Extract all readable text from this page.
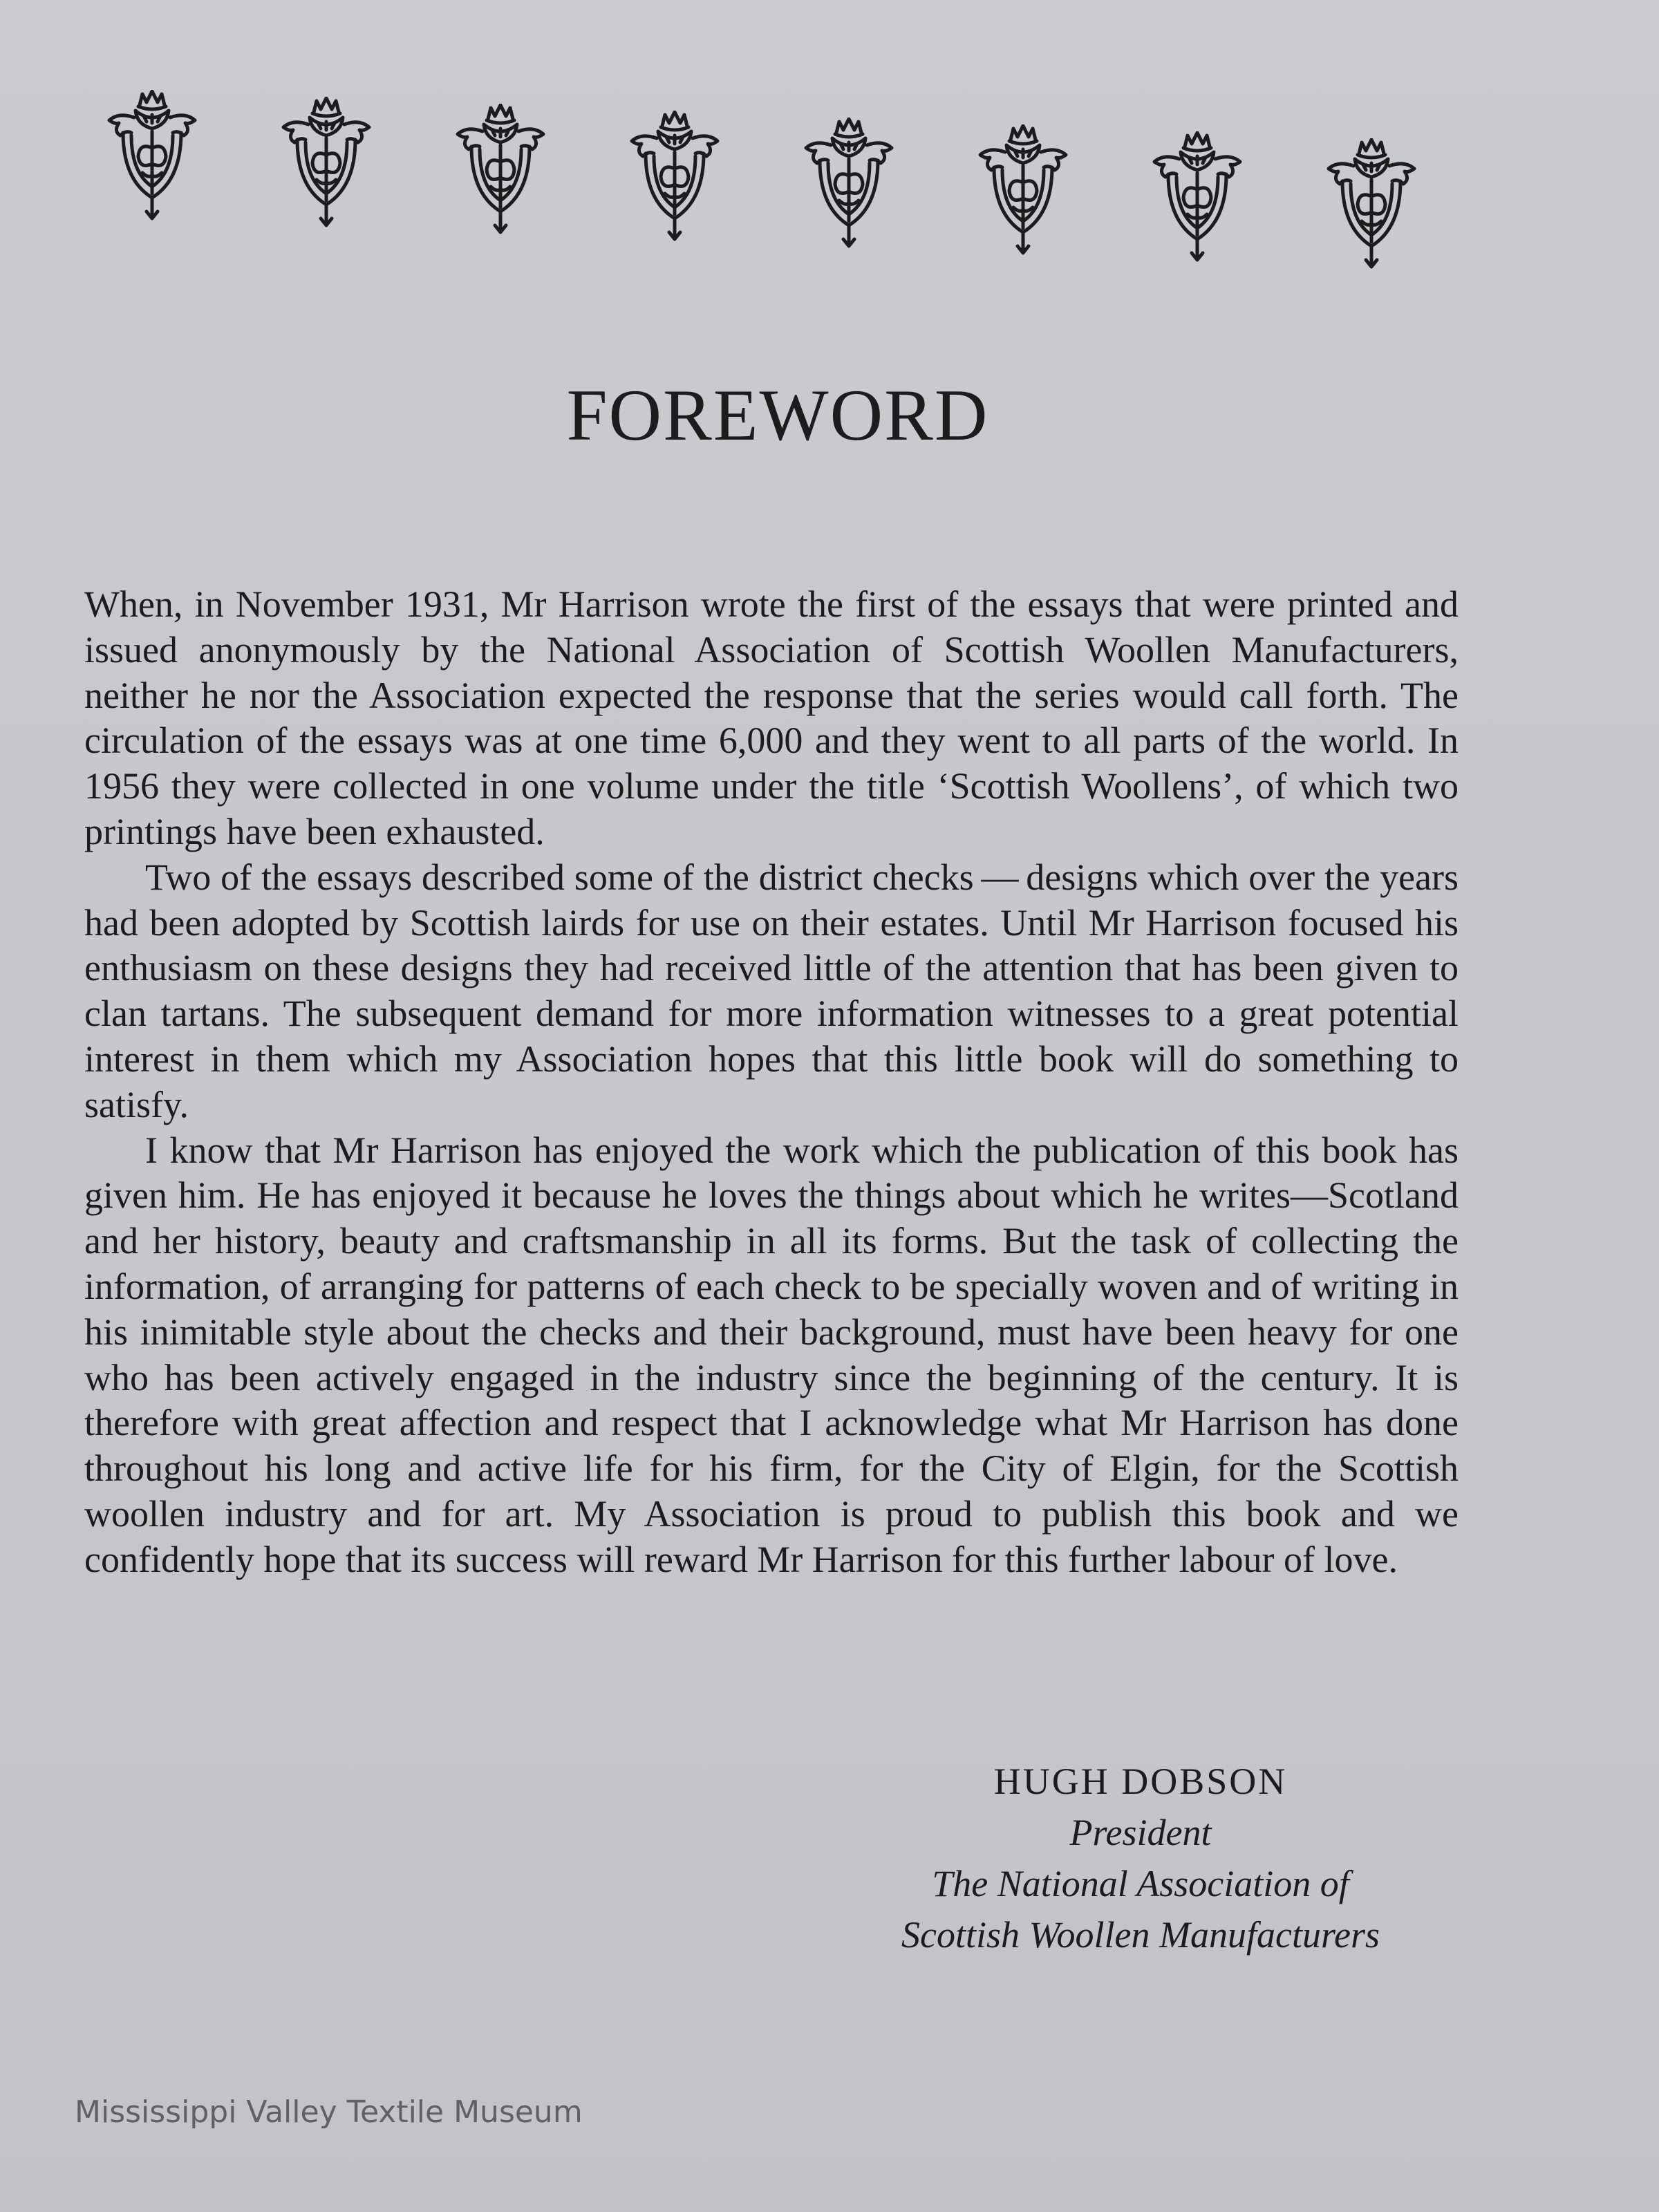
FOREWORD

When, in November 1931, Mr Harrison wrote the first of the essays that were printed and issued anonymously by the National Association of Scottish Woollen Manufacturers, neither he nor the Association expected the response that the series would call forth. The circulation of the essays was at one time 6,000 and they went to all parts of the world. In 1956 they were collected in one volume under the title ‘Scottish Woollens’, of which two printings have been exhausted.

Two of the essays described some of the district checks — designs which over the years had been adopted by Scottish lairds for use on their estates. Until Mr Harrison focused his enthusiasm on these designs they had received little of the attention that has been given to clan tartans. The subsequent demand for more information witnesses to a great potential interest in them which my Association hopes that this little book will do something to satisfy.

I know that Mr Harrison has enjoyed the work which the publication of this book has given him. He has enjoyed it because he loves the things about which he writes—Scotland and her history, beauty and craftsmanship in all its forms. But the task of collecting the information, of arranging for patterns of each check to be specially woven and of writing in his inimitable style about the checks and their background, must have been heavy for one who has been actively engaged in the industry since the beginning of the century. It is therefore with great affection and respect that I acknowledge what Mr Harrison has done throughout his long and active life for his firm, for the City of Elgin, for the Scottish woollen industry and for art. My Association is proud to publish this book and we confidently hope that its success will reward Mr Harrison for this further labour of love.

HUGH DOBSON
President
The National Association of
Scottish Woollen Manufacturers
Mississippi Valley Textile Museum
